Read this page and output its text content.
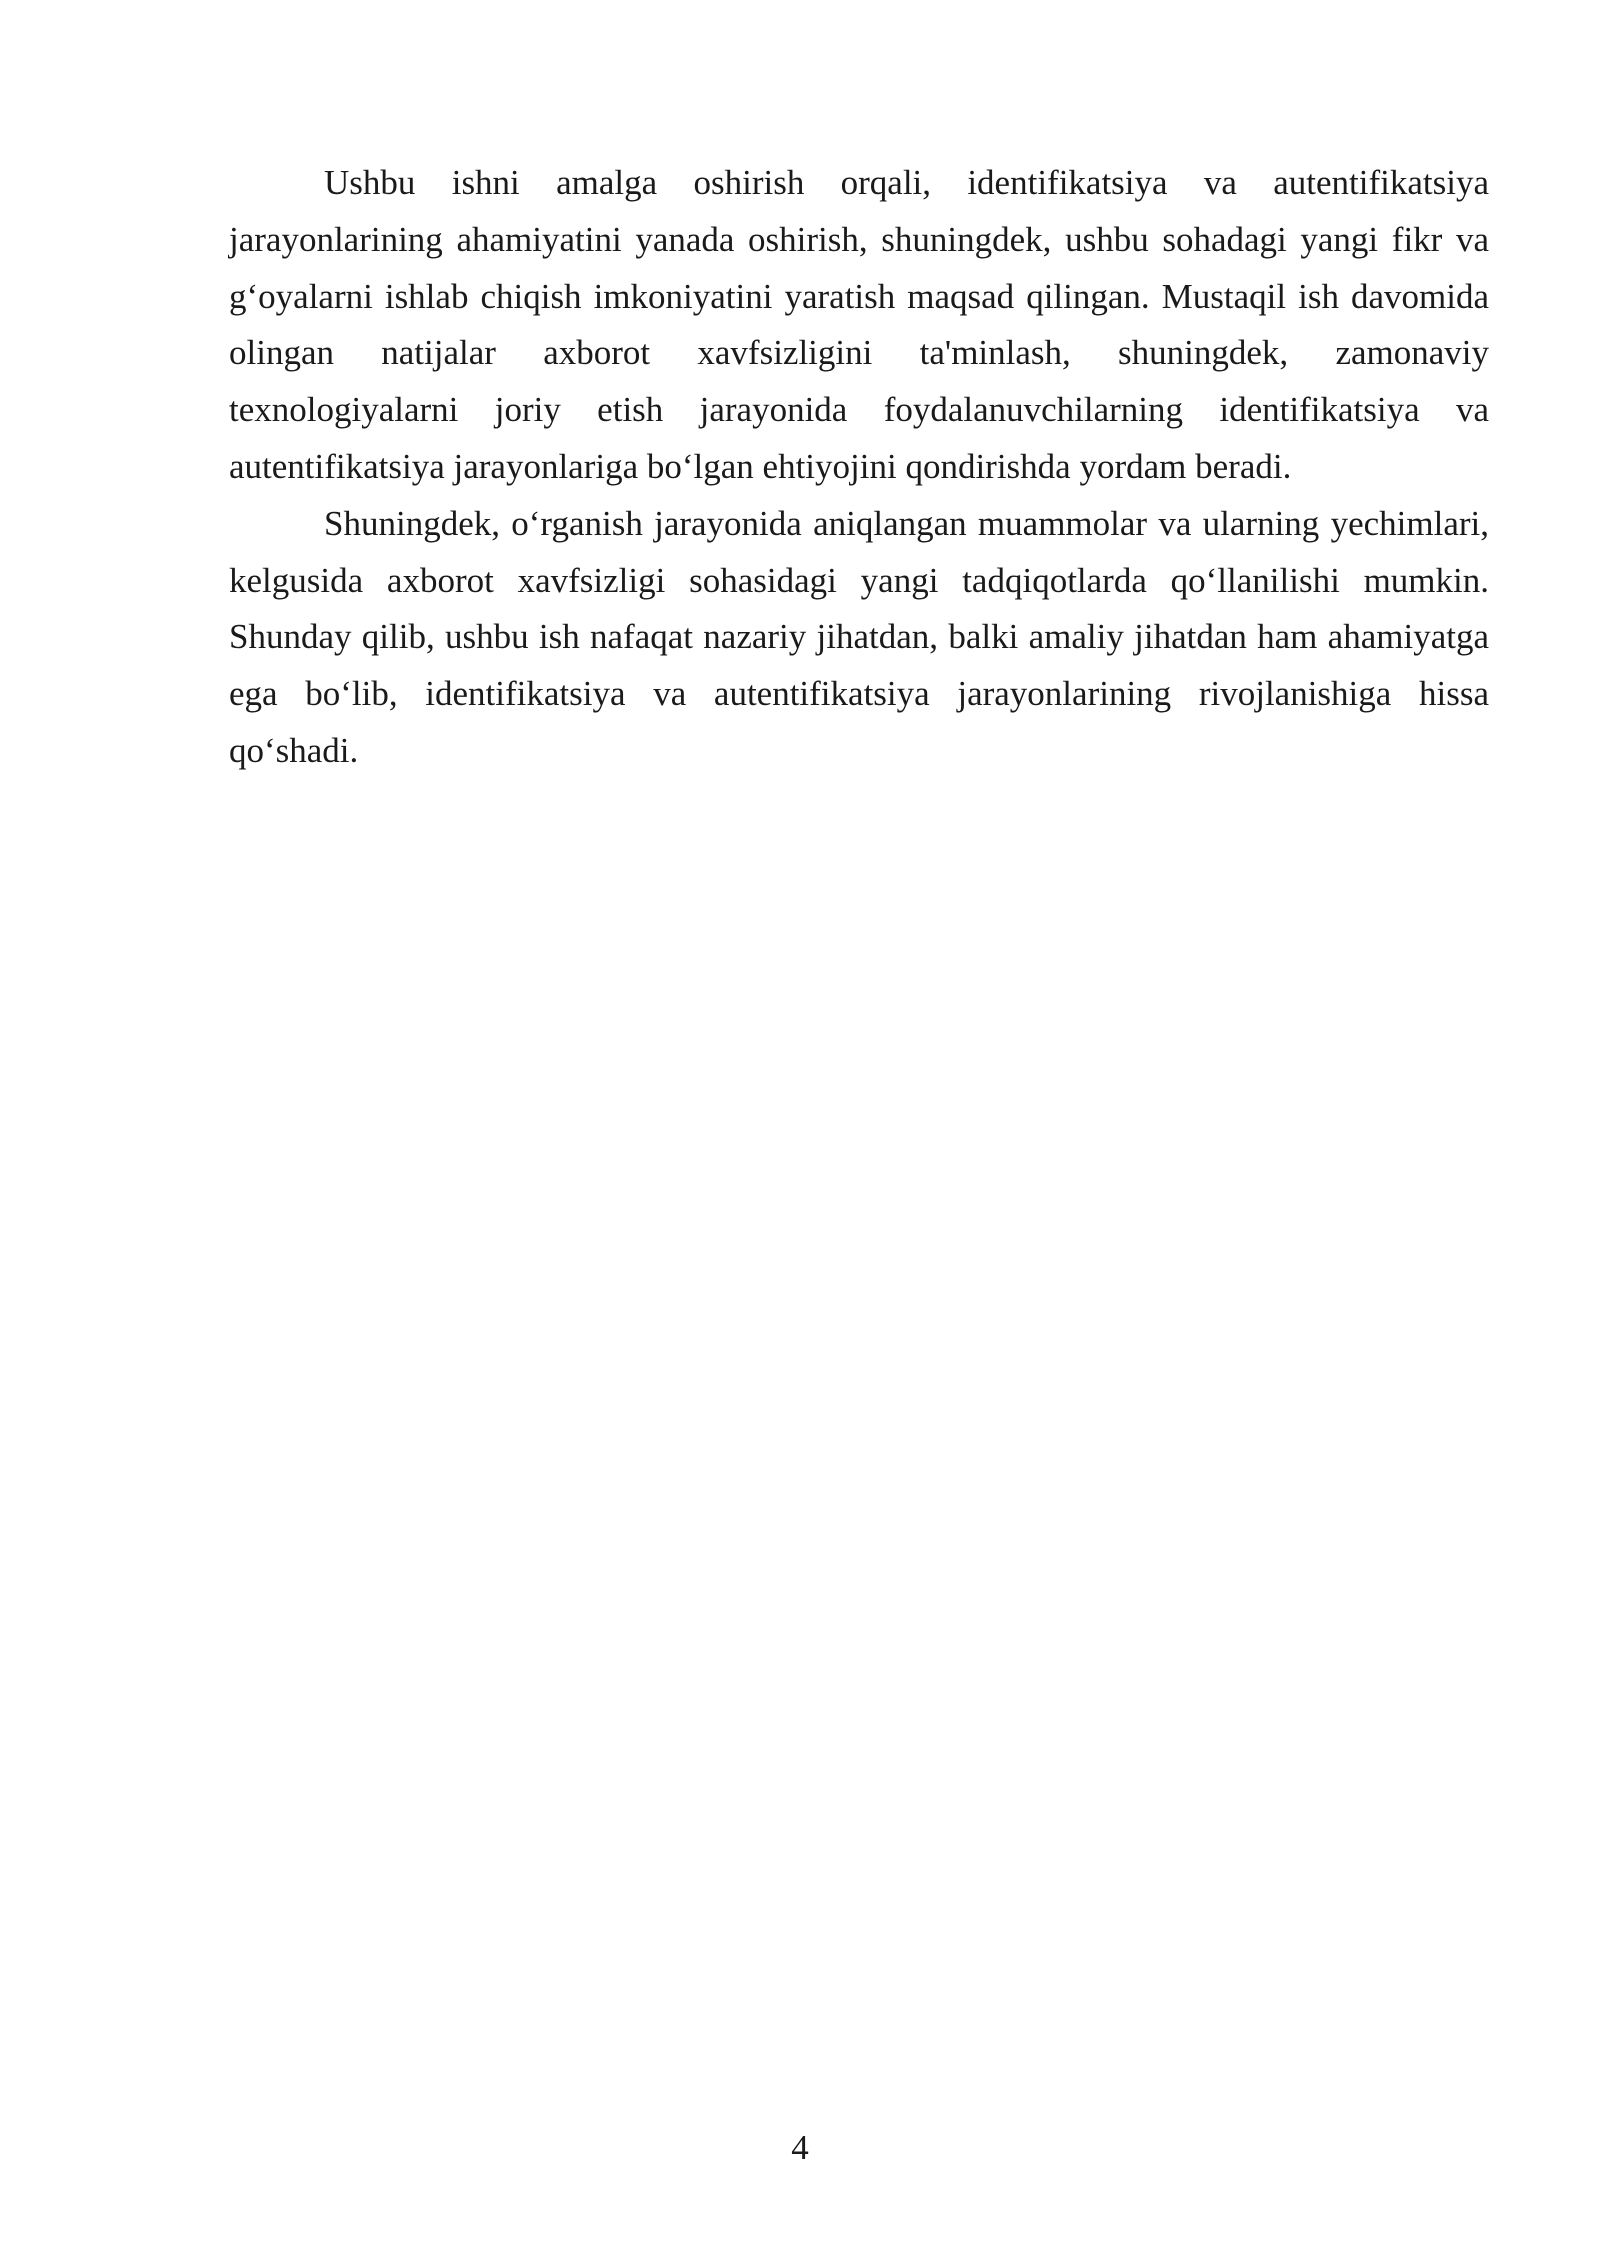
Ushbu ishni amalga oshirish orqali, identifikatsiya va autentifikatsiya jarayonlarining ahamiyatini yanada oshirish, shuningdek, ushbu sohadagi yangi fikr va g‘oyalarni ishlab chiqish imkoniyatini yaratish maqsad qilingan. Mustaqil ish davomida olingan natijalar axborot xavfsizligini ta'minlash, shuningdek, zamonaviy texnologiyalarni joriy etish jarayonida foydalanuvchilarning identifikatsiya va autentifikatsiya jarayonlariga bo‘lgan ehtiyojini qondirishda yordam beradi.

Shuningdek, o‘rganish jarayonida aniqlangan muammolar va ularning yechimlari, kelgusida axborot xavfsizligi sohasidagi yangi tadqiqotlarda qo‘llanilishi mumkin. Shunday qilib, ushbu ish nafaqat nazariy jihatdan, balki amaliy jihatdan ham ahamiyatga ega bo‘lib, identifikatsiya va autentifikatsiya jarayonlarining rivojlanishiga hissa qo‘shadi.

4
